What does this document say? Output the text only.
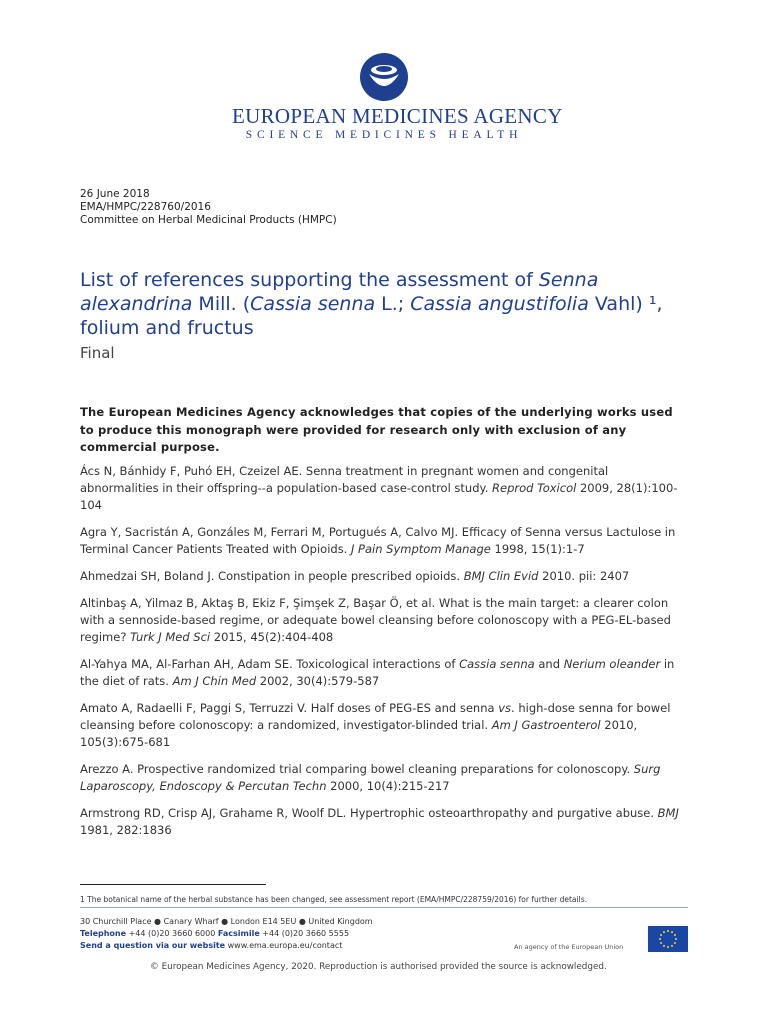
EUROPEAN MEDICINES AGENCY
SCIENCE MEDICINES HEALTH
26 June 2018
EMA/HMPC/228760/2016
Committee on Herbal Medicinal Products (HMPC)
List of references supporting the assessment of Senna alexandrina Mill. (Cassia senna L.; Cassia angustifolia Vahl) ¹, folium and fructus
Final
The European Medicines Agency acknowledges that copies of the underlying works used to produce this monograph were provided for research only with exclusion of any commercial purpose.

Ács N, Bánhidy F, Puhó EH, Czeizel AE. Senna treatment in pregnant women and congenital abnormalities in their offspring--a population-based case-control study. Reprod Toxicol 2009, 28(1):100-104

Agra Y, Sacristán A, Gonzáles M, Ferrari M, Portugués A, Calvo MJ. Efficacy of Senna versus Lactulose in Terminal Cancer Patients Treated with Opioids. J Pain Symptom Manage 1998, 15(1):1-7

Ahmedzai SH, Boland J. Constipation in people prescribed opioids. BMJ Clin Evid 2010. pii: 2407

Altinbaş A, Yilmaz B, Aktaş B, Ekiz F, Şimşek Z, Başar Ö, et al. What is the main target: a clearer colon with a sennoside-based regime, or adequate bowel cleansing before colonoscopy with a PEG-EL-based regime? Turk J Med Sci 2015, 45(2):404-408

Al-Yahya MA, Al-Farhan AH, Adam SE. Toxicological interactions of Cassia senna and Nerium oleander in the diet of rats. Am J Chin Med 2002, 30(4):579-587

Amato A, Radaelli F, Paggi S, Terruzzi V. Half doses of PEG-ES and senna vs. high-dose senna for bowel cleansing before colonoscopy: a randomized, investigator-blinded trial. Am J Gastroenterol 2010, 105(3):675-681

Arezzo A. Prospective randomized trial comparing bowel cleaning preparations for colonoscopy. Surg Laparoscopy, Endoscopy & Percutan Techn 2000, 10(4):215-217

Armstrong RD, Crisp AJ, Grahame R, Woolf DL. Hypertrophic osteoarthropathy and purgative abuse. BMJ 1981, 282:1836

1 The botanical name of the herbal substance has been changed, see assessment report (EMA/HMPC/228759/2016) for further details.
30 Churchill Place ● Canary Wharf ● London E14 5EU ● United Kingdom
Telephone +44 (0)20 3660 6000 Facsimile +44 (0)20 3660 5555
Send a question via our website www.ema.europa.eu/contact	An agency of the European Union
© European Medicines Agency, 2020. Reproduction is authorised provided the source is acknowledged.
